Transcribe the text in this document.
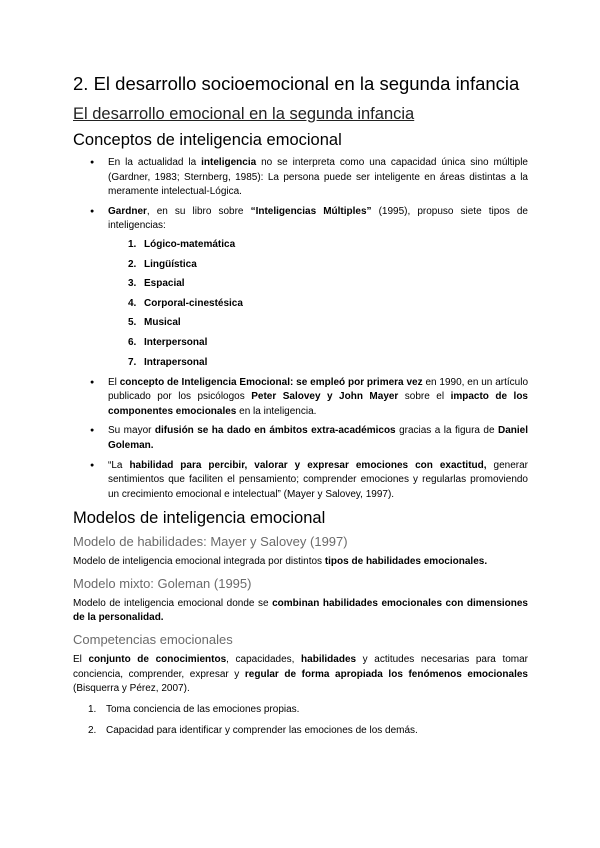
2. El desarrollo socioemocional en la segunda infancia
El desarrollo emocional en la segunda infancia
Conceptos de inteligencia emocional
● En la actualidad la inteligencia no se interpreta como una capacidad única sino múltiple (Gardner, 1983; Sternberg, 1985): La persona puede ser inteligente en áreas distintas a la meramente intelectual-Lógica.
● Gardner, en su libro sobre “Inteligencias Múltiples” (1995), propuso siete tipos de inteligencias:
1. Lógico-matemática
2. Lingüística
3. Espacial
4. Corporal-cinestésica
5. Musical
6. Interpersonal
7. Intrapersonal
● El concepto de Inteligencia Emocional: se empleó por primera vez en 1990, en un artículo publicado por los psicólogos Peter Salovey y John Mayer sobre el impacto de los componentes emocionales en la inteligencia.
● Su mayor difusión se ha dado en ámbitos extra-académicos gracias a la figura de Daniel Goleman.
● “La habilidad para percibir, valorar y expresar emociones con exactitud, generar sentimientos que faciliten el pensamiento; comprender emociones y regularlas promoviendo un crecimiento emocional e intelectual” (Mayer y Salovey, 1997).
Modelos de inteligencia emocional
Modelo de habilidades: Mayer y Salovey (1997)

Modelo de inteligencia emocional integrada por distintos tipos de habilidades emocionales.

Modelo mixto: Goleman (1995)

Modelo de inteligencia emocional donde se combinan habilidades emocionales con dimensiones de la personalidad.

Competencias emocionales

El conjunto de conocimientos, capacidades, habilidades y actitudes necesarias para tomar conciencia, comprender, expresar y regular de forma apropiada los fenómenos emocionales (Bisquerra y Pérez, 2007).

1. Toma conciencia de las emociones propias.
2. Capacidad para identificar y comprender las emociones de los demás.
